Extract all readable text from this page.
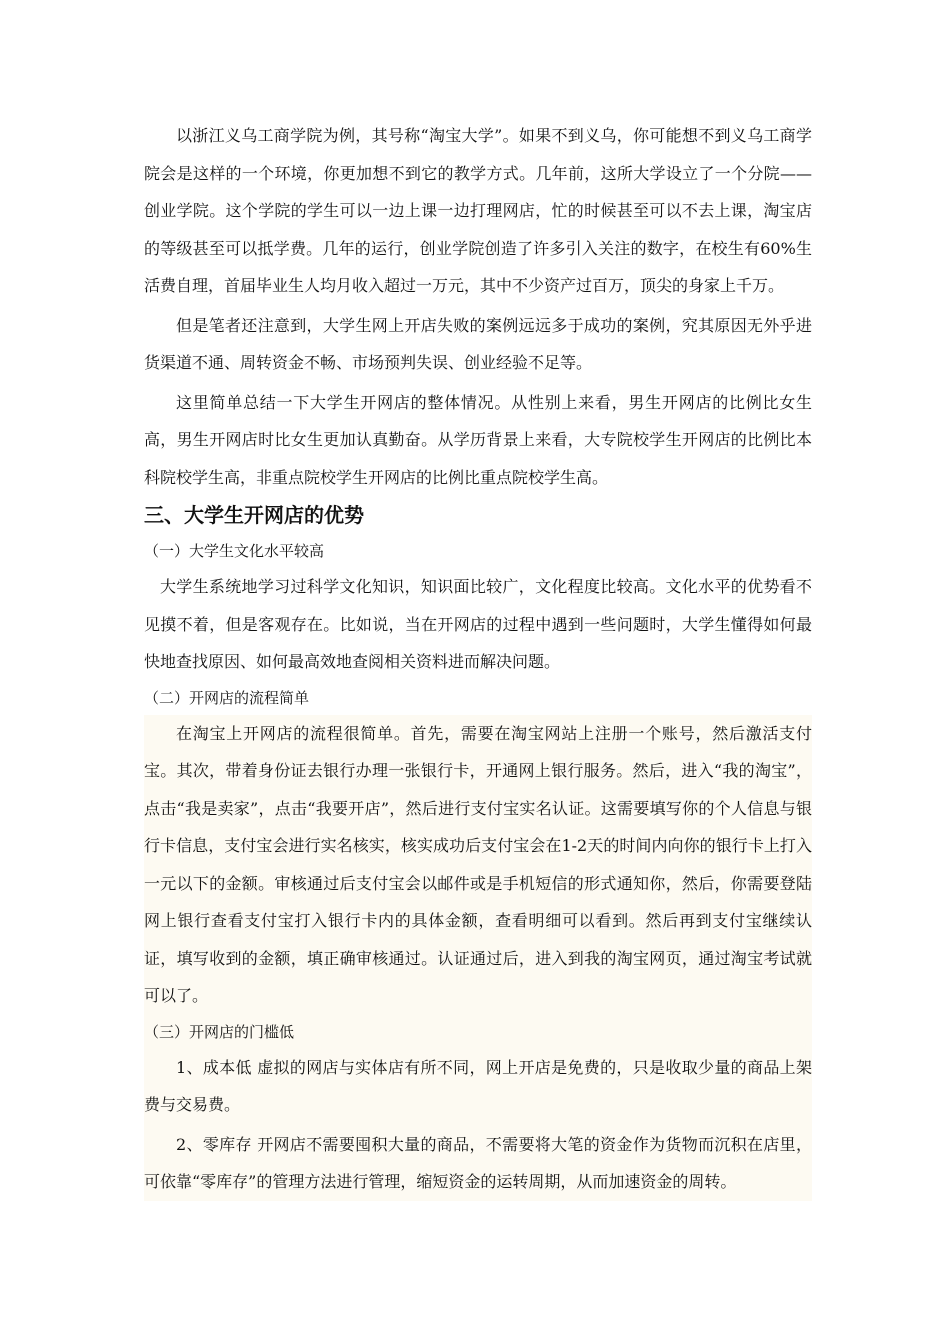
以浙江义乌工商学院为例，其号称“淘宝大学”。如果不到义乌，你可能想不到义乌工商学院会是这样的一个环境，你更加想不到它的教学方式。几年前，这所大学设立了一个分院——创业学院。这个学院的学生可以一边上课一边打理网店，忙的时候甚至可以不去上课，淘宝店的等级甚至可以抵学费。几年的运行，创业学院创造了许多引入关注的数字，在校生有60%生活费自理，首届毕业生人均月收入超过一万元，其中不少资产过百万，顶尖的身家上千万。

但是笔者还注意到，大学生网上开店失败的案例远远多于成功的案例，究其原因无外乎进货渠道不通、周转资金不畅、市场预判失误、创业经验不足等。

这里简单总结一下大学生开网店的整体情况。从性别上来看，男生开网店的比例比女生高，男生开网店时比女生更加认真勤奋。从学历背景上来看，大专院校学生开网店的比例比本科院校学生高，非重点院校学生开网店的比例比重点院校学生高。

三、大学生开网店的优势

（一）大学生文化水平较高

大学生系统地学习过科学文化知识，知识面比较广，文化程度比较高。文化水平的优势看不见摸不着，但是客观存在。比如说，当在开网店的过程中遇到一些问题时，大学生懂得如何最快地查找原因、如何最高效地查阅相关资料进而解决问题。

（二）开网店的流程简单

在淘宝上开网店的流程很简单。首先，需要在淘宝网站上注册一个账号，然后激活支付宝。其次，带着身份证去银行办理一张银行卡，开通网上银行服务。然后，进入“我的淘宝”，点击“我是卖家”，点击“我要开店”，然后进行支付宝实名认证。这需要填写你的个人信息与银行卡信息，支付宝会进行实名核实，核实成功后支付宝会在1-2天的时间内向你的银行卡上打入一元以下的金额。审核通过后支付宝会以邮件或是手机短信的形式通知你，然后，你需要登陆网上银行查看支付宝打入银行卡内的具体金额，查看明细可以看到。然后再到支付宝继续认证，填写收到的金额，填正确审核通过。认证通过后，进入到我的淘宝网页，通过淘宝考试就可以了。

（三）开网店的门槛低

1、成本低 虚拟的网店与实体店有所不同，网上开店是免费的，只是收取少量的商品上架费与交易费。

2、零库存 开网店不需要囤积大量的商品，不需要将大笔的资金作为货物而沉积在店里，可依靠“零库存”的管理方法进行管理，缩短资金的运转周期，从而加速资金的周转。
